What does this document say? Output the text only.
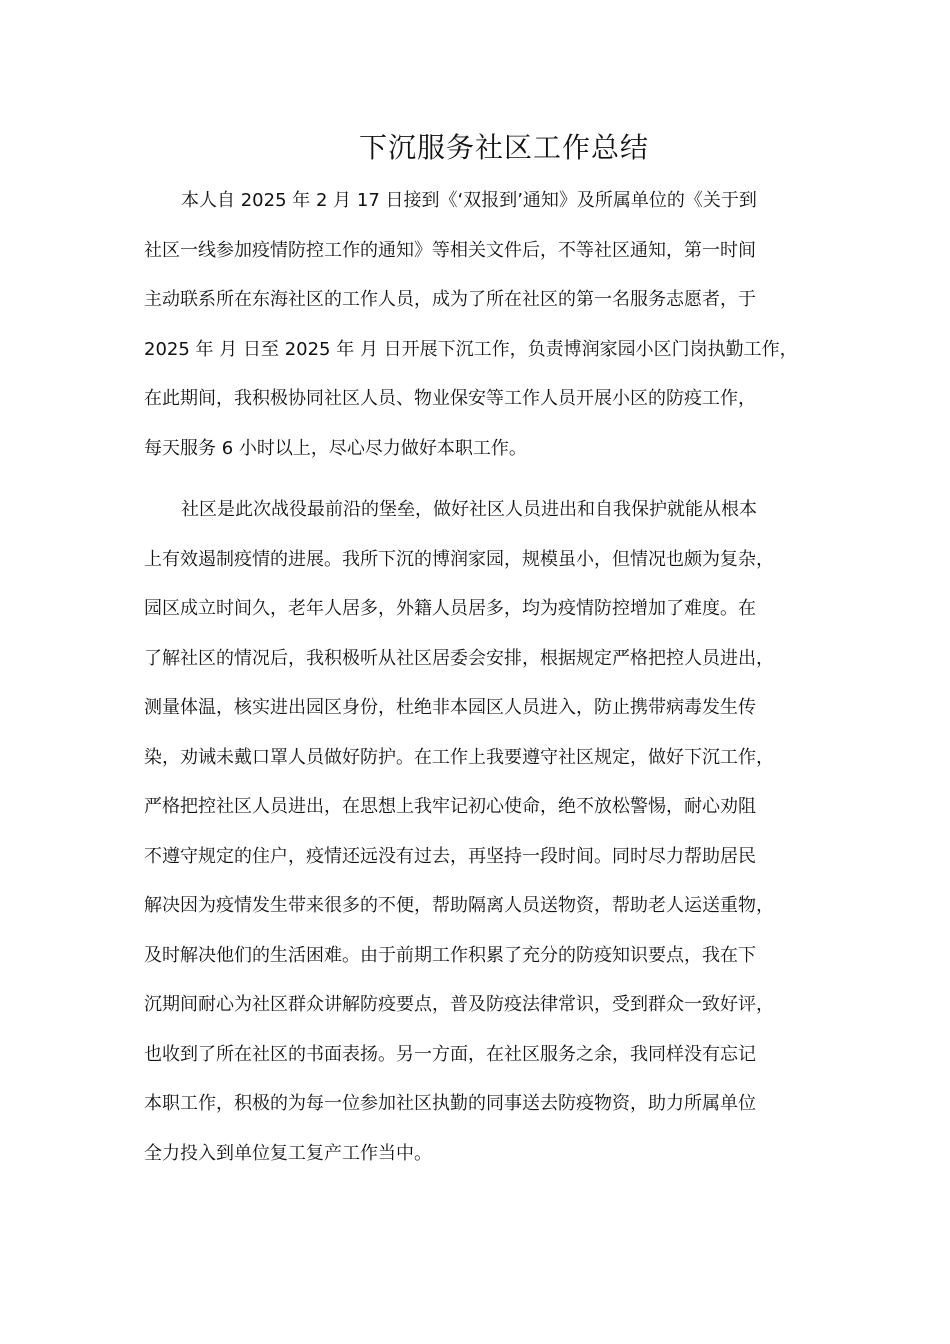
下沉服务社区工作总结
本人自 2025 年 2 月 17 日接到《‘双报到’通知》及所属单位的《关于到
社区一线参加疫情防控工作的通知》等相关文件后，不等社区通知，第一时间
主动联系所在东海社区的工作人员，成为了所在社区的第一名服务志愿者，于
2025 年 月 日至 2025 年 月 日开展下沉工作，负责博润家园小区门岗执勤工作，
在此期间，我积极协同社区人员、物业保安等工作人员开展小区的防疫工作，
每天服务 6 小时以上，尽心尽力做好本职工作。
社区是此次战役最前沿的堡垒，做好社区人员进出和自我保护就能从根本
上有效遏制疫情的进展。我所下沉的博润家园，规模虽小，但情况也颇为复杂，
园区成立时间久，老年人居多，外籍人员居多，均为疫情防控增加了难度。在
了解社区的情况后，我积极听从社区居委会安排，根据规定严格把控人员进出，
测量体温，核实进出园区身份，杜绝非本园区人员进入，防止携带病毒发生传
染，劝诫未戴口罩人员做好防护。在工作上我要遵守社区规定，做好下沉工作，
严格把控社区人员进出，在思想上我牢记初心使命，绝不放松警惕，耐心劝阻
不遵守规定的住户，疫情还远没有过去，再坚持一段时间。同时尽力帮助居民
解决因为疫情发生带来很多的不便，帮助隔离人员送物资，帮助老人运送重物，
及时解决他们的生活困难。由于前期工作积累了充分的防疫知识要点，我在下
沉期间耐心为社区群众讲解防疫要点，普及防疫法律常识，受到群众一致好评，
也收到了所在社区的书面表扬。另一方面，在社区服务之余，我同样没有忘记
本职工作，积极的为每一位参加社区执勤的同事送去防疫物资，助力所属单位
全力投入到单位复工复产工作当中。
